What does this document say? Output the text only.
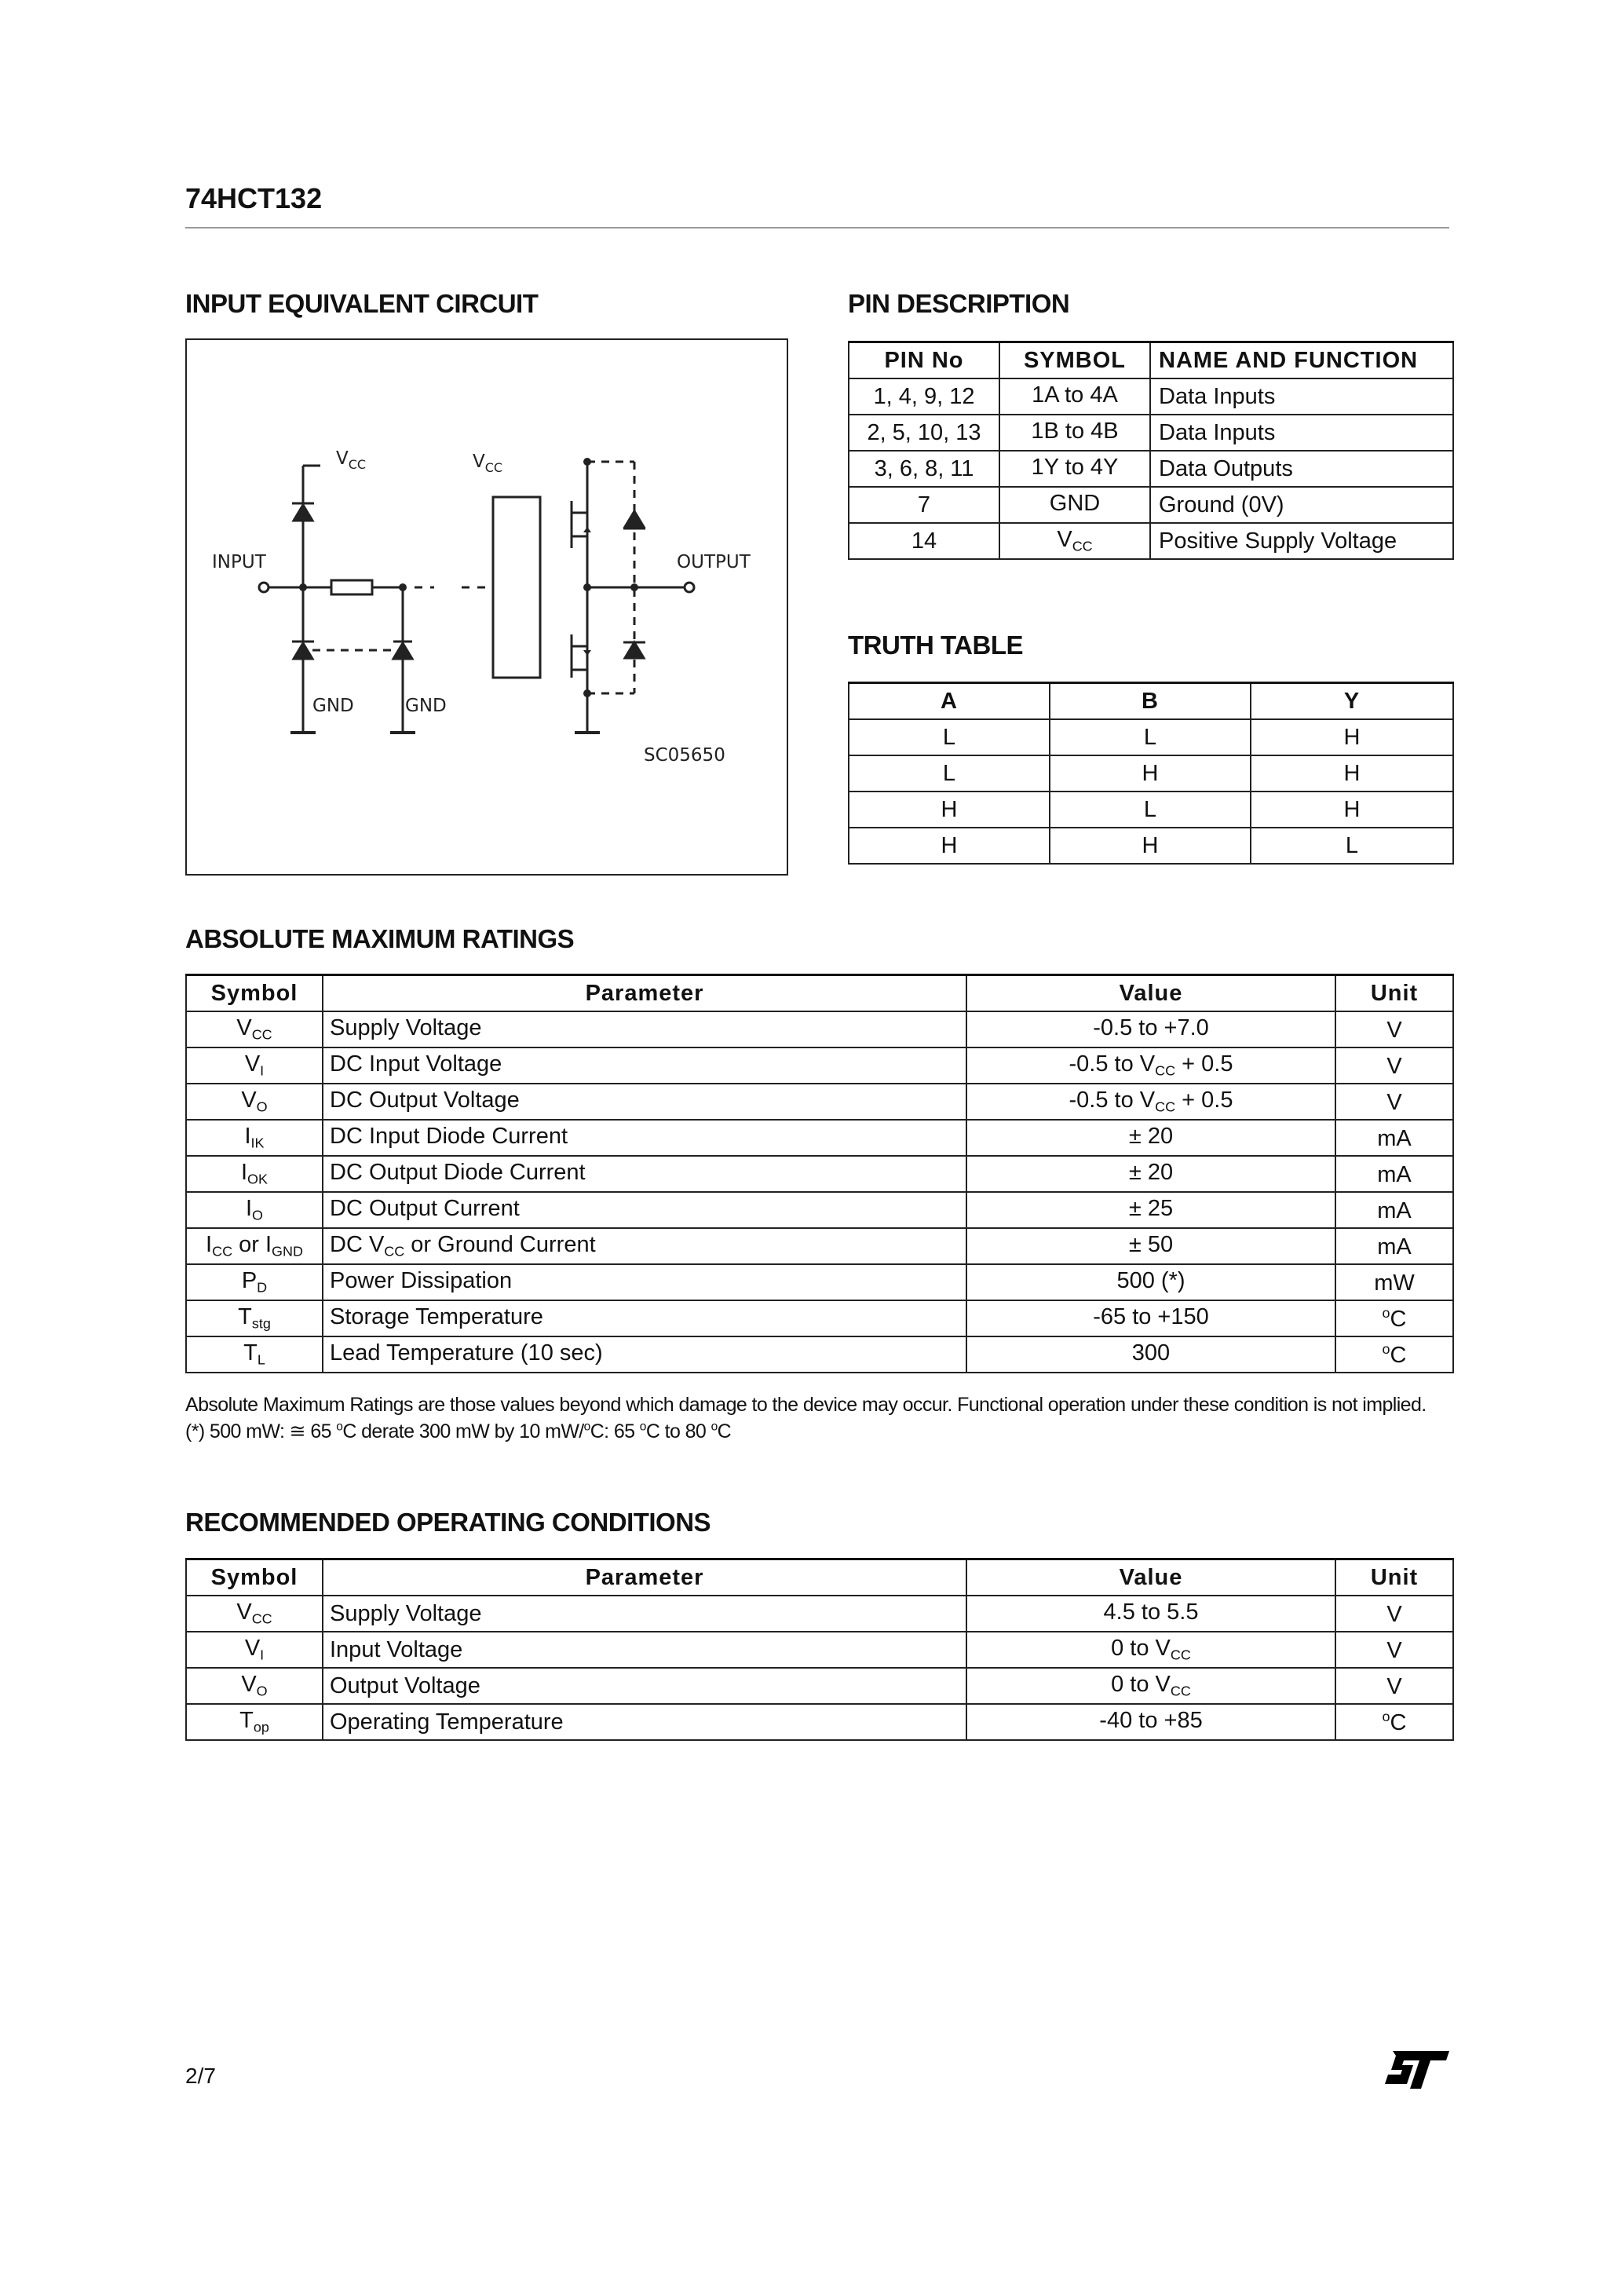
74HCT132
INPUT EQUIVALENT CIRCUIT
$V_{CC}$	$V_{CC}$
INPUT	OUTPUT
GND	GND
SC05650
PIN DESCRIPTION
PIN No	SYMBOL	NAME AND FUNCTION
1, 4, 9, 12	1A to 4A	Data Inputs
2, 5, 10, 13	1B to 4B	Data Inputs
3, 6, 8, 11	1Y to 4Y	Data Outputs
7	GND	Ground (0V)
14	$V_{CC}$	Positive Supply Voltage
TRUTH TABLE
A	B	Y
L	L	H
L	H	H
H	L	H
H	H	L
ABSOLUTE MAXIMUM RATINGS
Symbol	Parameter	Value	Unit
$V_{CC}$	Supply Voltage	-0.5 to +7.0	V
$V_I$	DC Input Voltage	-0.5 to $V_{CC} + 0.5$	V
$V_O$	DC Output Voltage	-0.5 to $V_{CC} + 0.5$	V
$I_{IK}$	DC Input Diode Current	± 20	mA
$I_{OK}$	DC Output Diode Current	± 20	mA
$I_O$	DC Output Current	± 25	mA
$I_{CC}$ or $I_{GND}$	DC $V_{CC}$ or Ground Current	± 50	mA
$P_D$	Power Dissipation	500 (*)	mW
$T_{stg}$	Storage Temperature	-65 to +150	$^o$C
$T_L$	Lead Temperature (10 sec)	300	$^o$C
Absolute Maximum Ratings are those values beyond which damage to the device may occur. Functional operation under these condition is not implied.
(*) 500 mW: ≅ 65 $^o$C derate 300 mW by 10 mW/$^o$C: 65 $^o$C to 80 $^o$C
RECOMMENDED OPERATING CONDITIONS
Symbol	Parameter	Value	Unit
$V_{CC}$	Supply Voltage	4.5 to 5.5	V
$V_I$	Input Voltage	0 to $V_{CC}$	V
$V_O$	Output Voltage	0 to $V_{CC}$	V
$T_{op}$	Operating Temperature	-40 to +85	$^o$C
2/7
